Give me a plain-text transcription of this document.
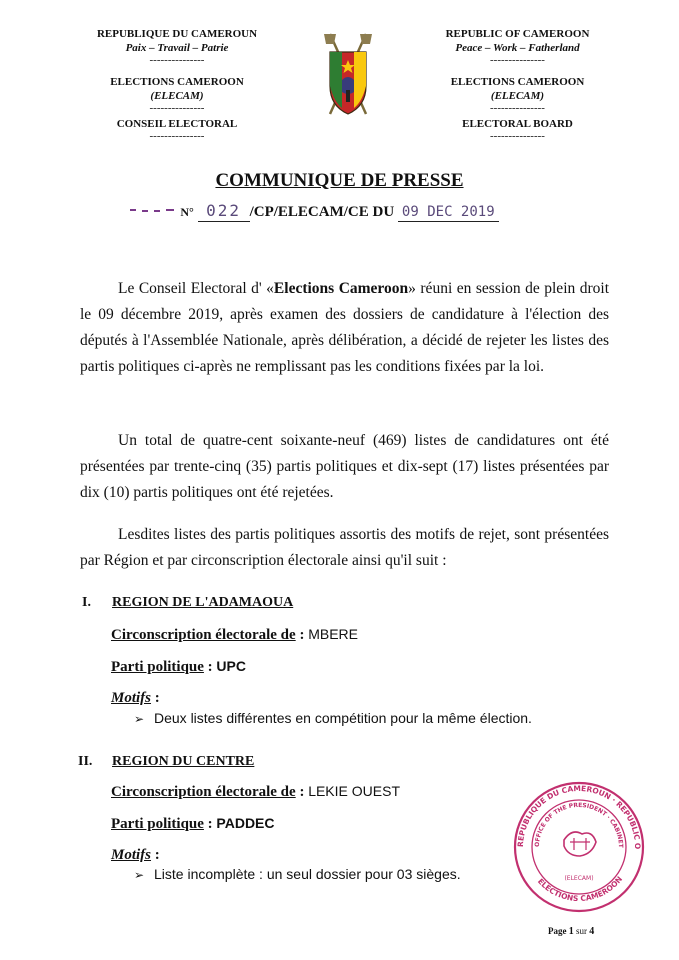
REPUBLIQUE DU CAMEROUN
Paix – Travail – Patrie
---------------
ELECTIONS CAMEROON
(ELECAM)
---------------
CONSEIL ELECTORAL
---------------
REPUBLIC OF CAMEROON
Peace – Work – Fatherland
---------------
ELECTIONS CAMEROON
(ELECAM)
---------------
ELECTORAL BOARD
---------------
COMMUNIQUE DE PRESSE
N° 022 /CP/ELECAM/CE DU 09 DEC 2019
Le Conseil Electoral d' «Elections Cameroon» réuni en session de plein droit le 09 décembre 2019, après examen des dossiers de candidature à l'élection des députés à l'Assemblée Nationale, après délibération, a décidé de rejeter les listes des partis politiques ci-après ne remplissant pas les conditions fixées par la loi.
Un total de quatre-cent soixante-neuf (469) listes de candidatures ont été présentées par trente-cinq (35) partis politiques et dix-sept (17) listes présentées par dix (10) partis politiques ont été rejetées.
Lesdites listes des partis politiques assortis des motifs de rejet, sont présentées par Région et par circonscription électorale ainsi qu'il suit :
I. REGION DE L'ADAMAOUA
Circonscription électorale de : MBERE
Parti politique : UPC
Motifs :
➢ Deux listes différentes en compétition pour la même élection.
II. REGION DU CENTRE
Circonscription électorale de : LEKIE OUEST
Parti politique : PADDEC
Motifs :
➢ Liste incomplète : un seul dossier pour 03 sièges.
REPUBLIQUE DU CAMEROUN · REPUBLIC O
OFFICE OF THE PRESIDENT · CABINET
ELECTIONS CAMEROON
(ELECAM)
Page 1 sur 4
